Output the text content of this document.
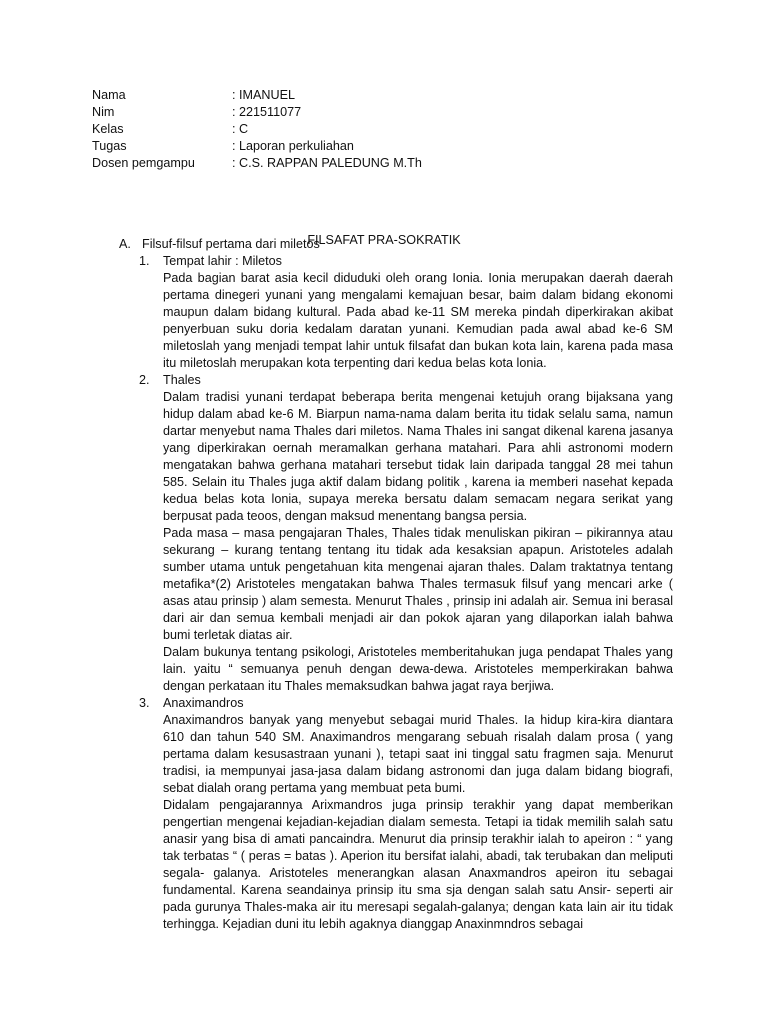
Nama	: IMANUEL
Nim	: 221511077
Kelas	: C
Tugas	: Laporan perkuliahan
Dosen pemgampu	: C.S. RAPPAN PALEDUNG M.Th
FILSAFAT PRA-SOKRATIK
A. Filsuf-filsuf pertama dari miletos
1.	Tempat lahir : Miletos
Pada bagian barat asia kecil diduduki oleh orang Ionia. Ionia merupakan daerah daerah pertama dinegeri yunani yang mengalami kemajuan besar, baim dalam bidang ekonomi maupun dalam bidang kultural. Pada abad ke-11 SM mereka pindah diperkirakan akibat penyerbuan suku doria kedalam daratan yunani. Kemudian pada awal abad ke-6 SM miletoslah yang menjadi tempat lahir untuk filsafat dan bukan kota lain, karena pada masa itu miletoslah merupakan kota terpenting dari kedua belas kota lonia.
2.	Thales
Dalam tradisi yunani terdapat beberapa berita mengenai ketujuh orang bijaksana yang hidup dalam abad ke-6 M. Biarpun nama-nama dalam berita itu tidak selalu sama, namun dartar menyebut nama Thales dari miletos. Nama Thales ini sangat dikenal karena jasanya yang diperkirakan oernah meramalkan gerhana matahari. Para ahli astronomi modern mengatakan bahwa gerhana matahari tersebut tidak lain daripada tanggal 28 mei tahun 585. Selain itu Thales juga aktif dalam bidang politik , karena ia memberi nasehat kepada kedua belas kota lonia, supaya mereka bersatu dalam semacam negara serikat yang berpusat pada teoos, dengan maksud menentang bangsa persia.
Pada masa – masa pengajaran Thales, Thales tidak menuliskan pikiran – pikirannya atau sekurang – kurang tentang tentang itu tidak ada kesaksian apapun. Aristoteles adalah sumber utama untuk pengetahuan kita mengenai ajaran thales. Dalam traktatnya tentang metafika*(2) Aristoteles mengatakan bahwa Thales termasuk filsuf yang mencari arke ( asas atau prinsip ) alam semesta. Menurut Thales , prinsip ini adalah air. Semua ini berasal dari air dan semua kembali menjadi air dan pokok ajaran yang dilaporkan ialah bahwa bumi terletak diatas air.
Dalam bukunya tentang psikologi, Aristoteles memberitahukan juga pendapat Thales yang lain. yaitu “ semuanya penuh dengan dewa-dewa. Aristoteles memperkirakan bahwa dengan perkataan itu Thales memaksudkan bahwa jagat raya berjiwa.
3.	Anaximandros
Anaximandros banyak yang menyebut sebagai murid Thales. Ia hidup kira-kira diantara 610 dan tahun 540 SM. Anaximandros mengarang sebuah risalah dalam prosa ( yang pertama dalam kesusastraan yunani ), tetapi saat ini tinggal satu fragmen saja. Menurut tradisi, ia mempunyai jasa-jasa dalam bidang astronomi dan juga dalam bidang biografi, sebat dialah orang pertama yang membuat peta bumi.
Didalam pengajarannya Arixmandros juga prinsip terakhir yang dapat memberikan pengertian mengenai kejadian-kejadian dialam semesta. Tetapi ia tidak memilih salah satu anasir yang bisa di amati pancaindra. Menurut dia prinsip terakhir ialah to apeiron : “ yang tak terbatas “ ( peras = batas ). Aperion itu bersifat ialahi, abadi, tak terubakan dan meliputi segala- galanya. Aristoteles menerangkan alasan Anaxmandros apeiron itu sebagai fundamental. Karena seandainya prinsip itu sma sja dengan salah satu Ansir- seperti air pada gurunya Thales-maka air itu meresapi segalah-galanya; dengan kata lain air itu tidak terhingga. Kejadian duni itu lebih agaknya dianggap Anaxinmndros sebagai
